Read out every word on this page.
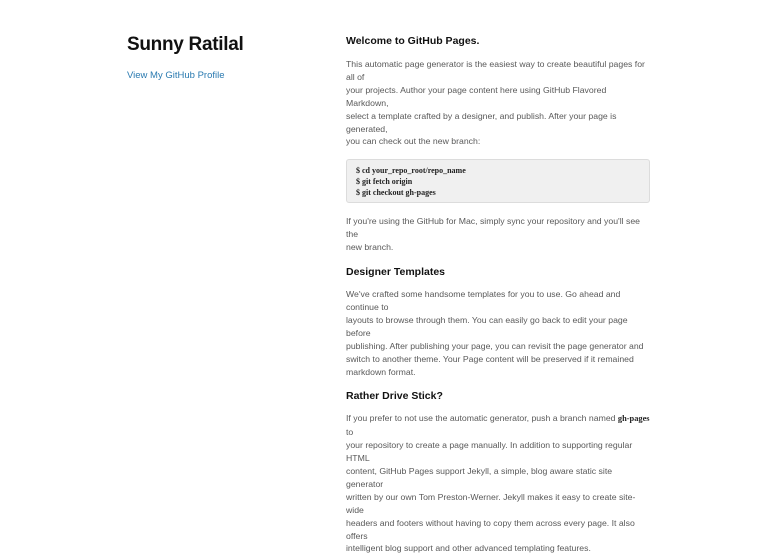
Sunny Ratilal
View My GitHub Profile
Welcome to GitHub Pages.

This automatic page generator is the easiest way to create beautiful pages for all of
your projects. Author your page content here using GitHub Flavored Markdown,
select a template crafted by a designer, and publish. After your page is generated,
you can check out the new branch:

$ cd your_repo_root/repo_name
$ git fetch origin
$ git checkout gh-pages

If you're using the GitHub for Mac, simply sync your repository and you'll see the
new branch.

Designer Templates

We've crafted some handsome templates for you to use. Go ahead and continue to
layouts to browse through them. You can easily go back to edit your page before
publishing. After publishing your page, you can revisit the page generator and
switch to another theme. Your Page content will be preserved if it remained
markdown format.

Rather Drive Stick?

If you prefer to not use the automatic generator, push a branch named gh-pages to
your repository to create a page manually. In addition to supporting regular HTML
content, GitHub Pages support Jekyll, a simple, blog aware static site generator
written by our own Tom Preston-Werner. Jekyll makes it easy to create site-wide
headers and footers without having to copy them across every page. It also offers
intelligent blog support and other advanced templating features.
